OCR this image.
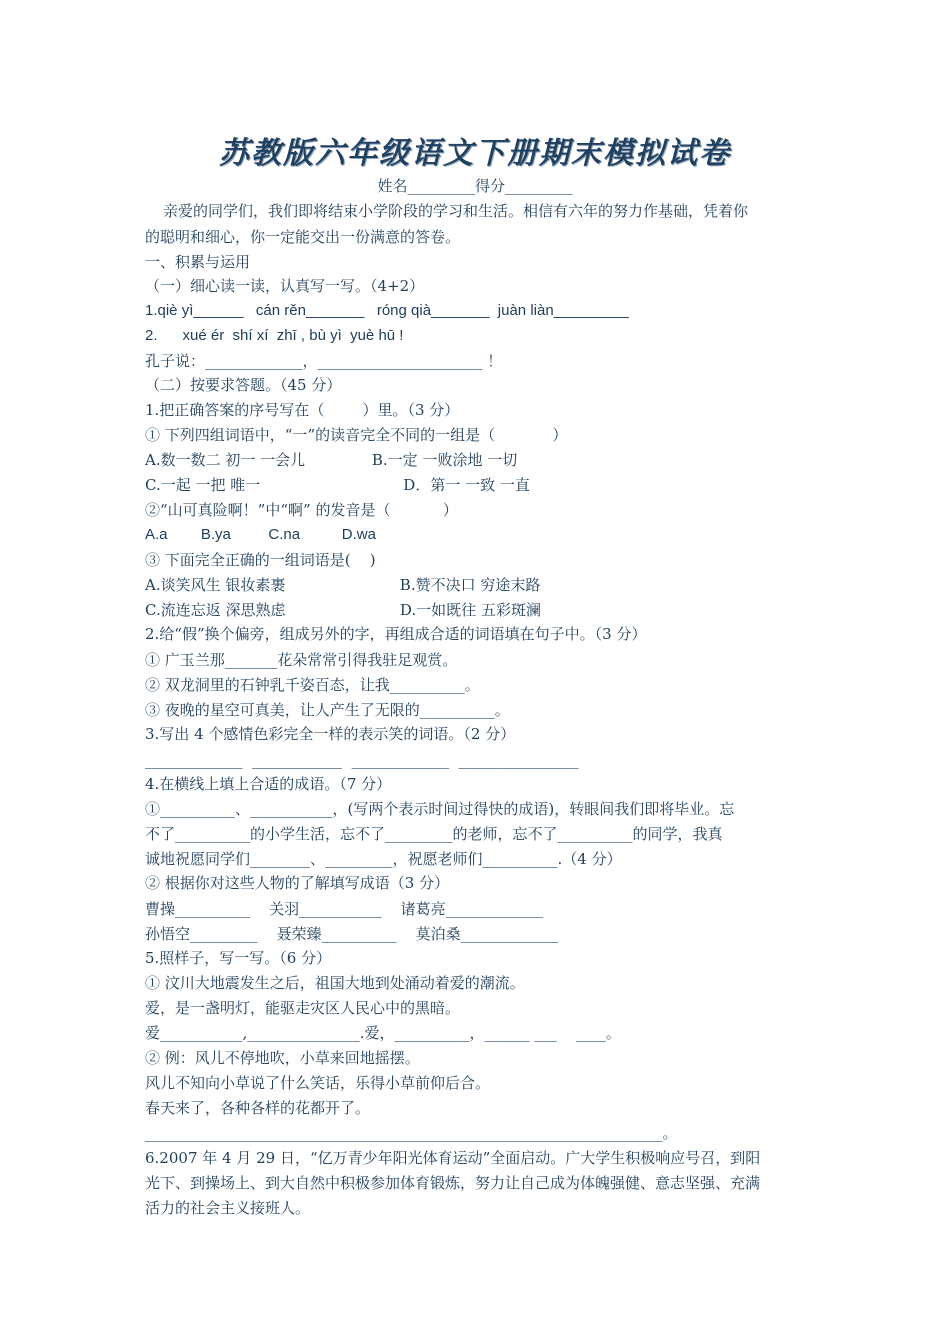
苏教版六年级语文下册期末模拟试卷
姓名_________得分_________
亲爱的同学们，我们即将结束小学阶段的学习和生活。相信有六年的努力作基础，凭着你
的聪明和细心，你一定能交出一份满意的答卷。
一、积累与运用
（一）细心读一读，认真写一写。（4+2）
1.qiè yì______   cán rěn_______   róng qià_______  juàn liàn_________
2.      xué ér  shí xí  zhī , bù yì  yuè hū !
孔子说：_____________，______________________ ！
（二）按要求答题。（45 分）
1.把正确答案的序号写在（        ）里。（3 分）
① 下列四组词语中，“一”的读音完全不同的一组是（            ）
A.数一数二 初一 一会儿              B.一定 一败涂地 一切
C.一起 一把 唯一                              D．第一 一致 一直
②“山可真险啊！”中“啊” 的发音是（           ）
A.a        B.ya         C.na          D.wa
③ 下面完全正确的一组词语是(    )
A.谈笑风生 银妆素裹                        B.赞不决口 穷途末路
C.流连忘返 深思熟虑                        D.一如既往 五彩斑澜
2.给“假”换个偏旁，组成另外的字，再组成合适的词语填在句子中。（3 分）
① 广玉兰那_______花朵常常引得我驻足观赏。
② 双龙洞里的石钟乳千姿百态，让我__________。
③ 夜晚的星空可真美，让人产生了无限的__________。
3.写出 4 个感情色彩完全一样的表示笑的词语。（2 分）
_____________  ____________  _____________  ________________
4.在横线上填上合适的成语。（7 分）
①__________、___________，(写两个表示时间过得快的成语)，转眼间我们即将毕业。忘
不了__________的小学生活，忘不了_________的老师，忘不了__________的同学，我真
诚地祝愿同学们________、_________，祝愿老师们__________.（4 分）
② 根据你对这些人物的了解填写成语（3 分）
曹操__________    关羽___________    诸葛亮_____________
孙悟空_________    聂荣臻__________    莫泊桑_____________
5.照样子，写一写。（6 分）
① 汶川大地震发生之后，祖国大地到处涌动着爱的潮流。
爱，是一盏明灯，能驱走灾区人民心中的黑暗。
爱___________,_______________.爱，__________，______ ___    ____。
② 例：风儿不停地吹，小草来回地摇摆。
风儿不知向小草说了什么笑话，乐得小草前仰后合。
春天来了，各种各样的花都开了。
_____________________________________________________________________。
6.2007 年 4 月 29 日，“亿万青少年阳光体育运动”全面启动。广大学生积极响应号召，到阳
光下、到操场上、到大自然中积极参加体育锻炼，努力让自己成为体魄强健、意志坚强、充满
活力的社会主义接班人。
